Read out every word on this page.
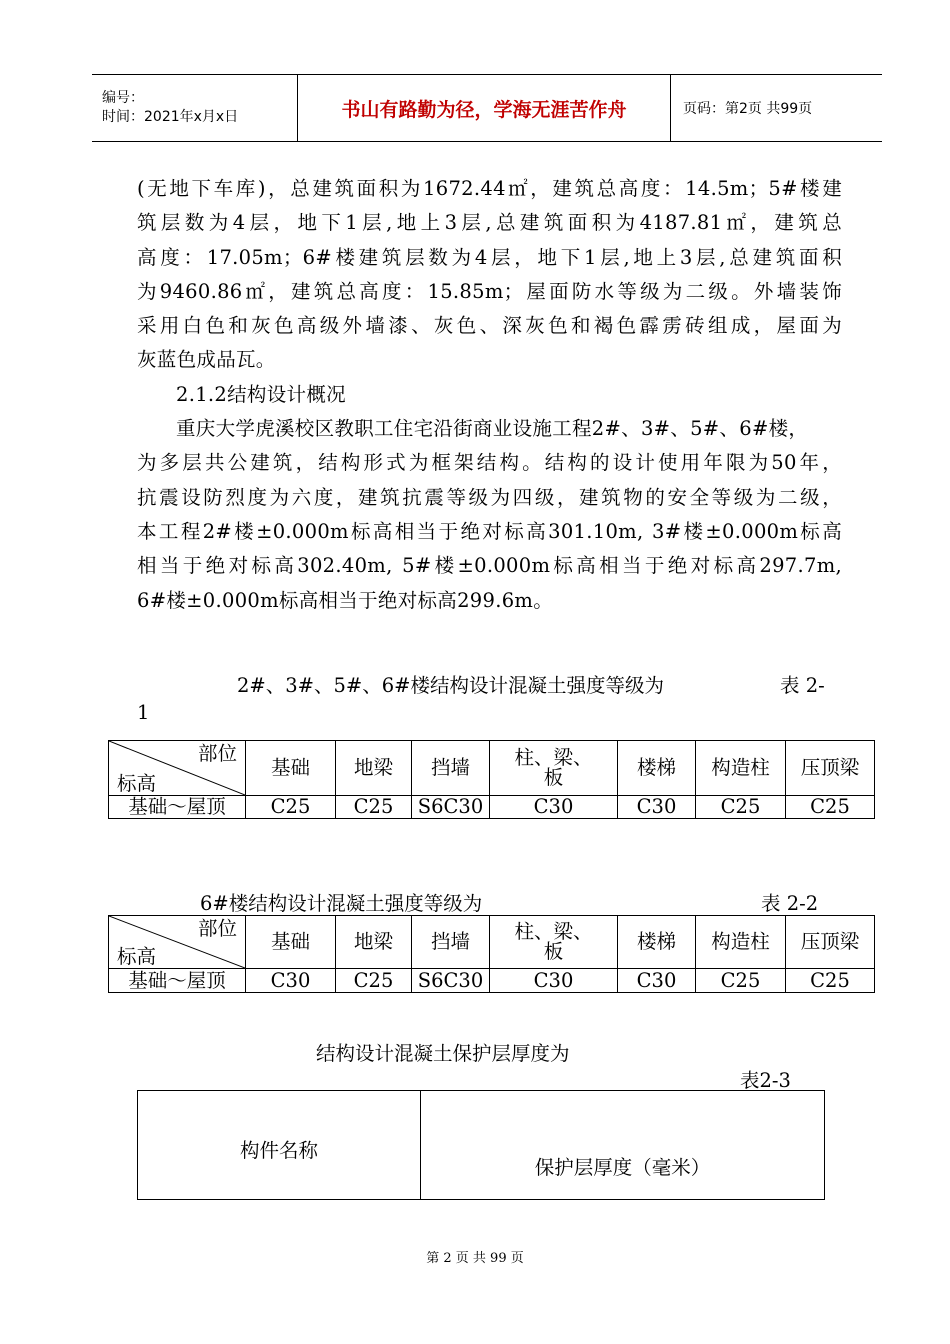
编号：
时间：2021年x月x日	书山有路勤为径，学海无涯苦作舟	页码：第2页 共99页

(无地下车库)，总建筑面积为1672.44㎡，建筑总高度：14.5m；5#楼建

筑层数为4层，地下1层,地上3层,总建筑面积为4187.81㎡，建筑总

高度：17.05m；6#楼建筑层数为4层，地下1层,地上3层,总建筑面积

为9460.86㎡，建筑总高度：15.85m；屋面防水等级为二级。外墙装饰

采用白色和灰色高级外墙漆、灰色、深灰色和褐色霹雳砖组成，屋面为

灰蓝色成品瓦。

2.1.2结构设计概况

重庆大学虎溪校区教职工住宅沿街商业设施工程2#、3#、5#、6#楼，

为多层共公建筑，结构形式为框架结构。结构的设计使用年限为50年，

抗震设防烈度为六度，建筑抗震等级为四级，建筑物的安全等级为二级，

本工程2#楼±0.000m标高相当于绝对标高301.10m, 3#楼±0.000m标高

相当于绝对标高302.40m, 5#楼±0.000m标高相当于绝对标高297.7m,

6#楼±0.000m标高相当于绝对标高299.6m。

2#、3#、5#、6#楼结构设计混凝土强度等级为	表 2-
1
部位
标高	基础	地梁	挡墙	柱、梁、板	楼梯	构造柱	压顶梁
基础～屋顶	C25	C25	S6C30	C30	C30	C25	C25
6#楼结构设计混凝土强度等级为	表 2-2
部位
标高	基础	地梁	挡墙	柱、梁、板	楼梯	构造柱	压顶梁
基础～屋顶	C30	C25	S6C30	C30	C30	C25	C25
结构设计混凝土保护层厚度为
表2-3
构件名称	保护层厚度（毫米）
第 2 页 共 99 页
